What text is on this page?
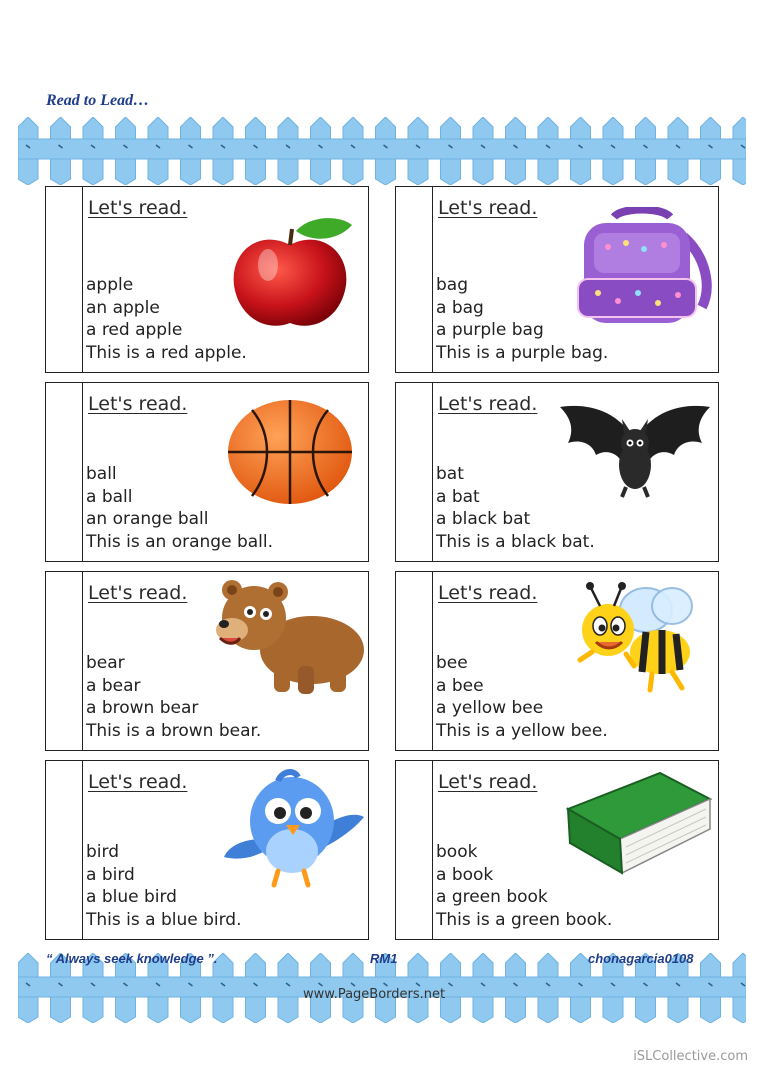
Read to Lead…
Let's read.
apple
an apple
a red apple
This is a red apple.
Let's read.
bag
a bag
a purple bag
This is a purple bag.
Let's read.
ball
a ball
an orange ball
This is an orange ball.
Let's read.
bat
a bat
a black bat
This is a black bat.
Let's read.
bear
a bear
a brown bear
This is a brown bear.
Let's read.
bee
a bee
a yellow bee
This is a yellow bee.
Let's read.
bird
a bird
a blue bird
This is a blue bird.
Let's read.
book
a book
a green book
This is a green book.
“ Always seek knowledge ”.	RM1	chonagarcia0108
www.PageBorders.net
iSLCollective.com
